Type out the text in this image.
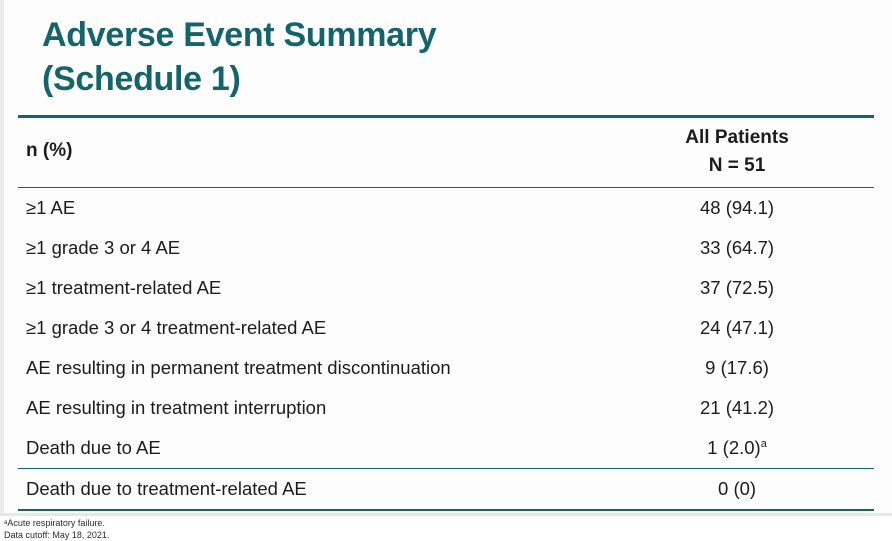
Adverse Event Summary
(Schedule 1)

n (%)	All Patients
N = 51

≥1 AE	48 (94.1)
≥1 grade 3 or 4 AE	33 (64.7)
≥1 treatment-related AE	37 (72.5)
≥1 grade 3 or 4 treatment-related AE	24 (47.1)
AE resulting in permanent treatment discontinuation	9 (17.6)
AE resulting in treatment interruption	21 (41.2)
Death due to AE	1 $(2.0)^a$
Death due to treatment-related AE	0 (0)

ᵃAcute respiratory failure.
Data cutoff: May 18, 2021.
